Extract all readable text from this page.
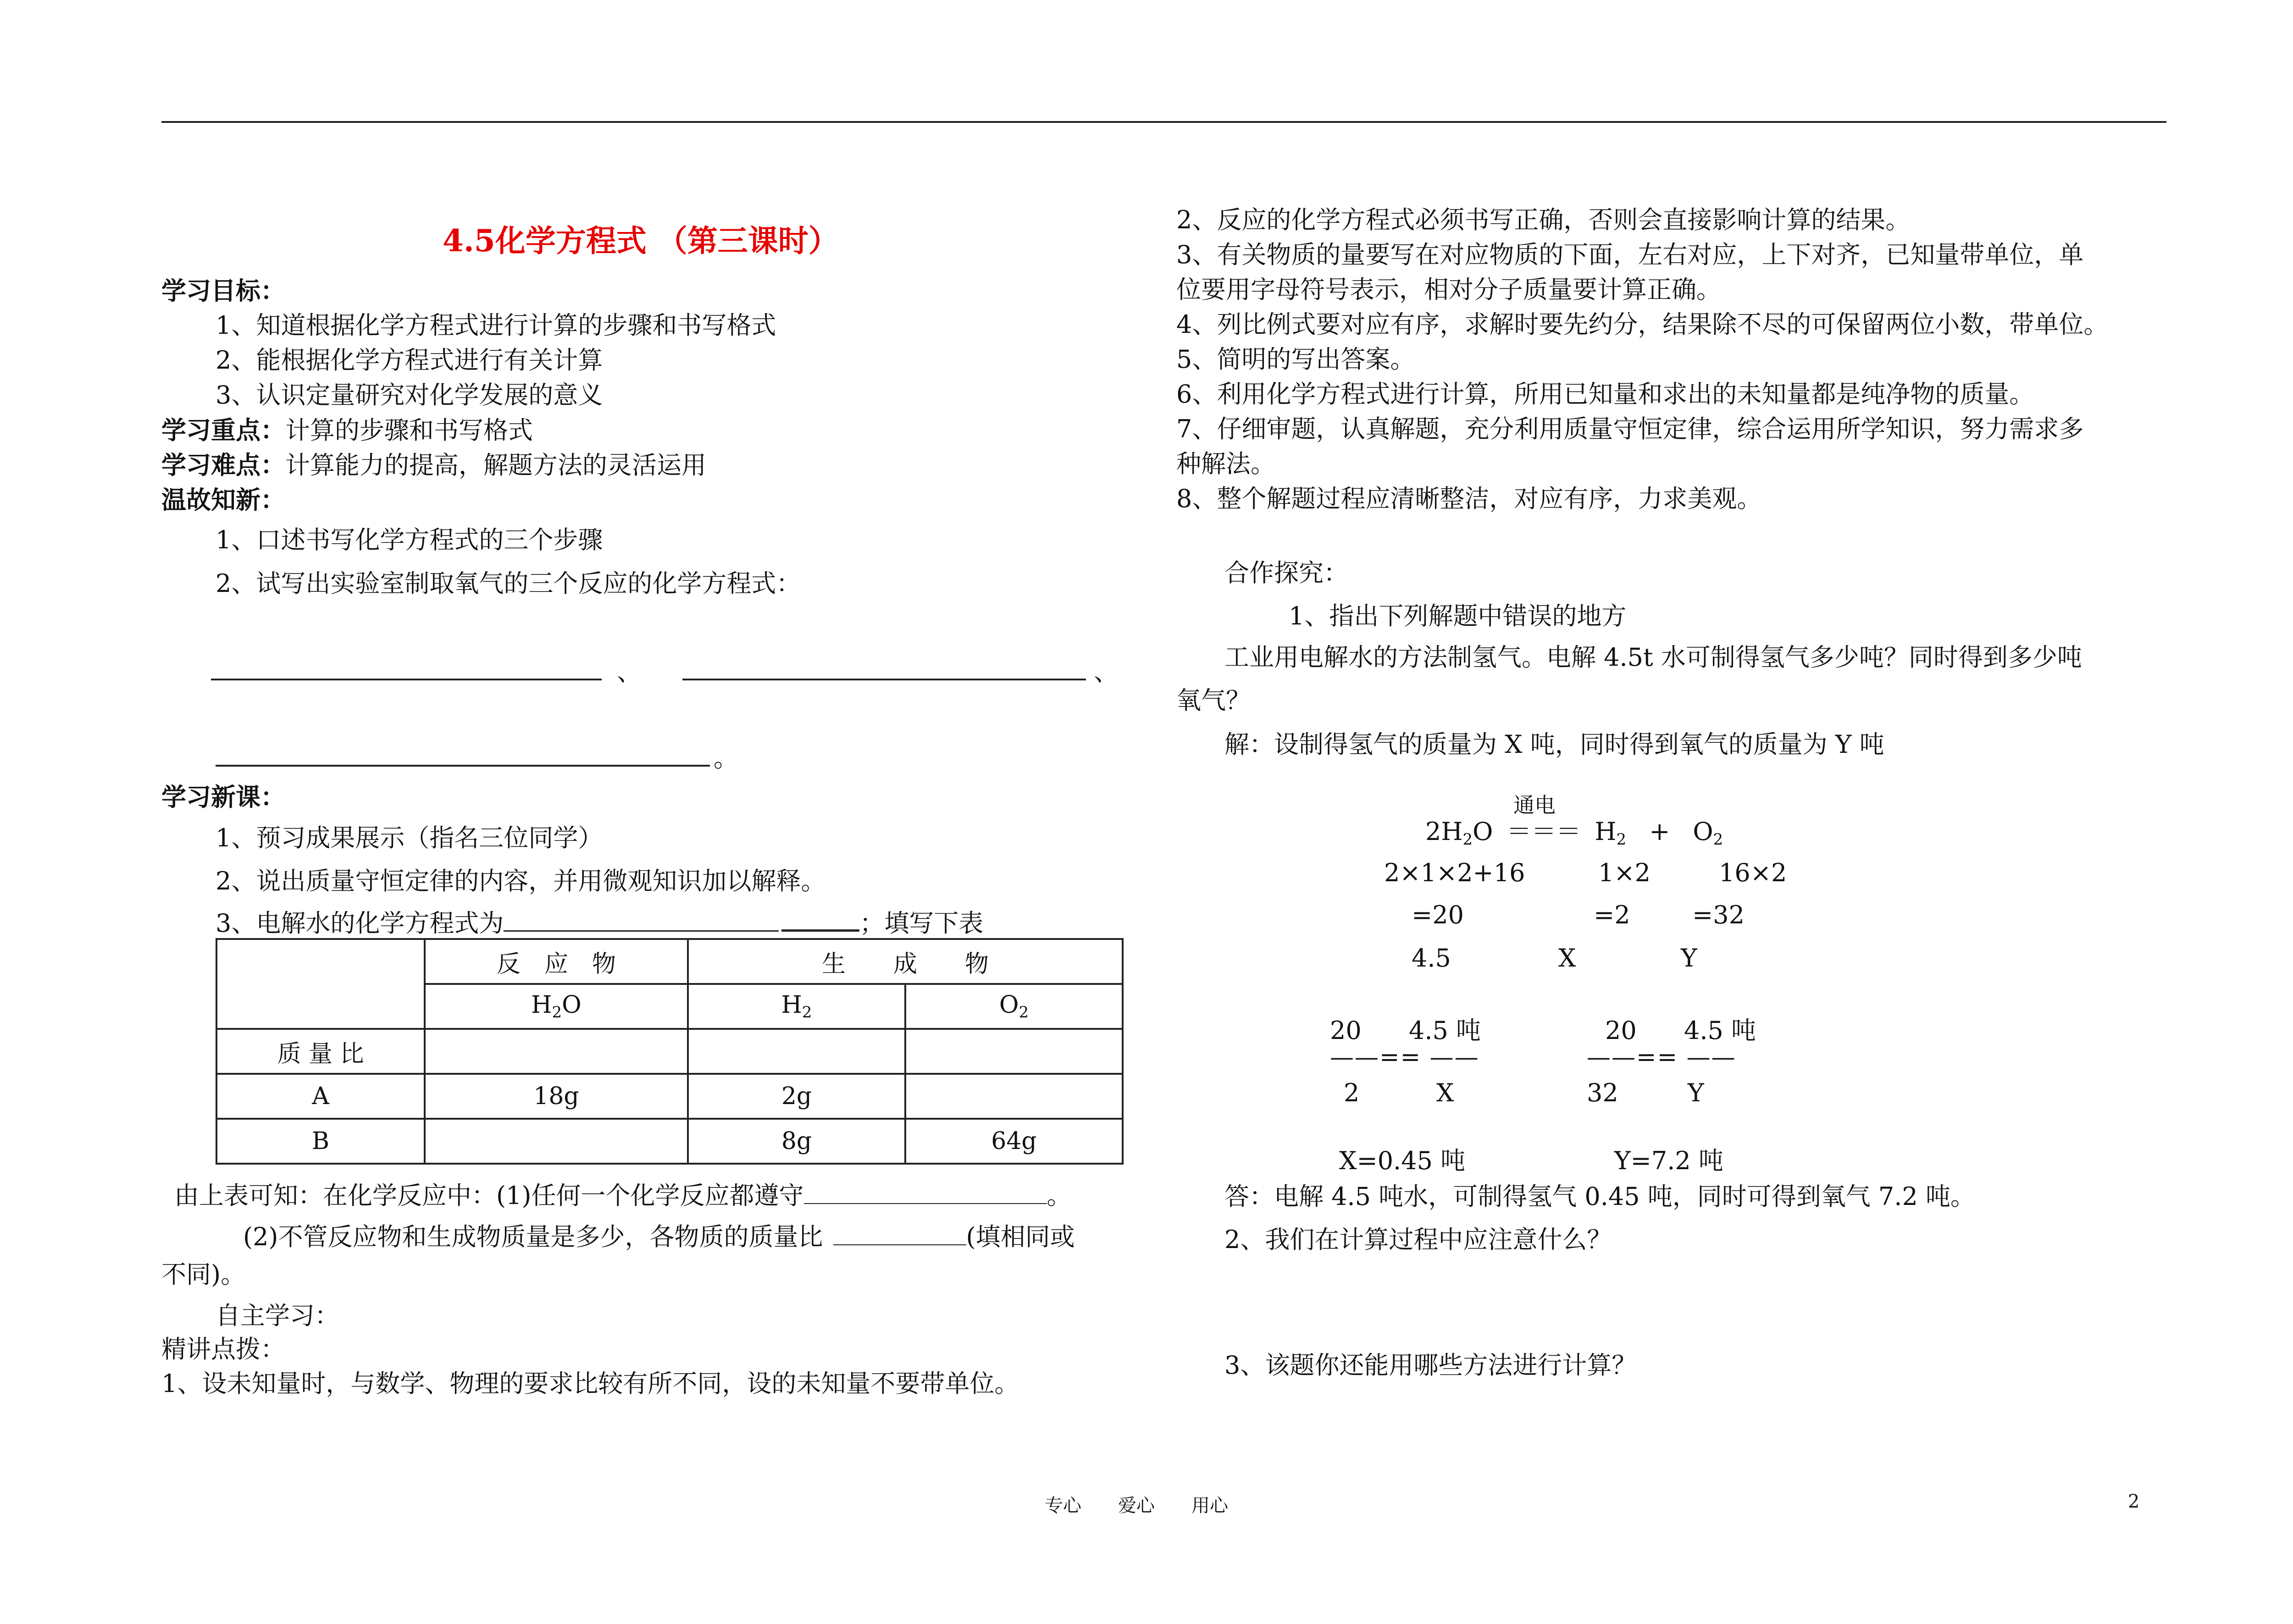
4.5化学方程式 （第三课时）
学习目标：
1、知道根据化学方程式进行计算的步骤和书写格式
2、能根据化学方程式进行有关计算
3、认识定量研究对化学发展的意义
学习重点：计算的步骤和书写格式
学习难点：计算能力的提高，解题方法的灵活运用
温故知新：
1、口述书写化学方程式的三个步骤
2、试写出实验室制取氧气的三个反应的化学方程式：
、	、
。
学习新课：
1、预习成果展示（指名三位同学）
2、说出质量守恒定律的内容，并用微观知识加以解释。
3、电解水的化学方程式为	；填写下表
	反　应　物	生　　成　　物	
	$H_2O$	$H_2$	$O_2$
质 量 比			
A	18g	2g	
B		8g	64g
由上表可知：在化学反应中：(1)任何一个化学反应都遵守	。
(2)不管反应物和生成物质量是多少，各物质的质量比	(填相同或
不同)。
自主学习：
精讲点拨：
1、设未知量时，与数学、物理的要求比较有所不同，设的未知量不要带单位。
2、反应的化学方程式必须书写正确，否则会直接影响计算的结果。
3、有关物质的量要写在对应物质的下面，左右对应，上下对齐，已知量带单位，单
位要用字母符号表示，相对分子质量要计算正确。
4、列比例式要对应有序，求解时要先约分，结果除不尽的可保留两位小数，带单位。
5、简明的写出答案。
6、利用化学方程式进行计算，所用已知量和求出的未知量都是纯净物的质量。
7、仔细审题，认真解题，充分利用质量守恒定律，综合运用所学知识，努力需求多
种解法。
8、整个解题过程应清晰整洁，对应有序，力求美观。
合作探究：
1、指出下列解题中错误的地方
工业用电解水的方法制氢气。电解 4.5t 水可制得氢气多少吨？同时得到多少吨
氧气？
解：设制得氢气的质量为 X 吨，同时得到氧气的质量为 Y 吨
通电
$2H_2O$ ＝＝＝ $H_2 + O_2$
2×1×2+16	1×2	16×2
=20	=2	=32
4.5	X	Y
20 4.5 吨
——== ——
2	X
20 4.5 吨
——== ——
32	Y
X=0.45 吨	Y=7.2 吨
答：电解 4.5 吨水，可制得氢气 0.45 吨，同时可得到氧气 7.2 吨。
2、我们在计算过程中应注意什么？
3、该题你还能用哪些方法进行计算？
专心　　爱心　　用心	2
